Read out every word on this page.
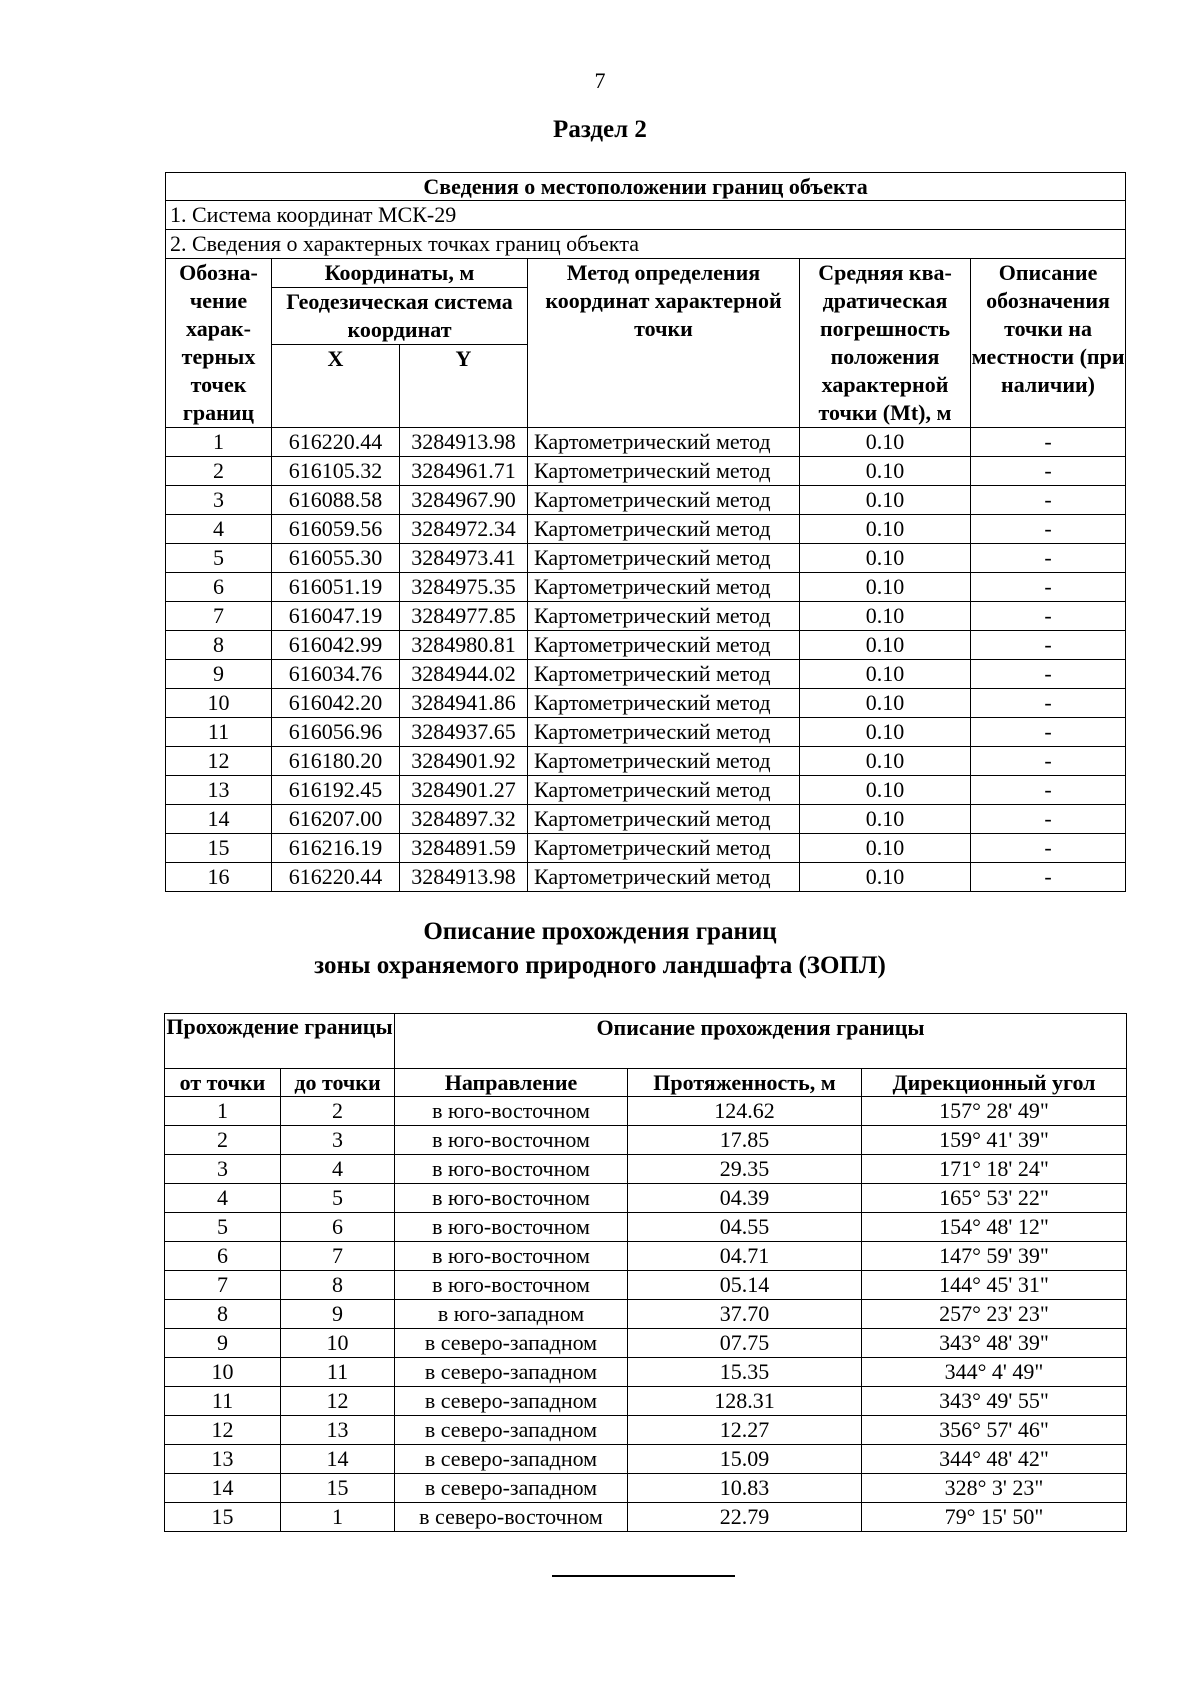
7
Раздел 2
Сведения о местоположении границ объекта					
1. Система координат МСК-29					
2. Сведения о характерных точках границ объекта					
Обозна-чение харак-терных точек границ	Координаты, м		Метод определения координат характерной точки	Средняя ква-дратическая погрешность положения характерной точки (Mt), м	Описание обозначения точки на местности (при наличии)
	Геодезическая система координат				
	X	Y			
1	616220.44	3284913.98	Картометрический метод	0.10	-
2	616105.32	3284961.71	Картометрический метод	0.10	-
3	616088.58	3284967.90	Картометрический метод	0.10	-
4	616059.56	3284972.34	Картометрический метод	0.10	-
5	616055.30	3284973.41	Картометрический метод	0.10	-
6	616051.19	3284975.35	Картометрический метод	0.10	-
7	616047.19	3284977.85	Картометрический метод	0.10	-
8	616042.99	3284980.81	Картометрический метод	0.10	-
9	616034.76	3284944.02	Картометрический метод	0.10	-
10	616042.20	3284941.86	Картометрический метод	0.10	-
11	616056.96	3284937.65	Картометрический метод	0.10	-
12	616180.20	3284901.92	Картометрический метод	0.10	-
13	616192.45	3284901.27	Картометрический метод	0.10	-
14	616207.00	3284897.32	Картометрический метод	0.10	-
15	616216.19	3284891.59	Картометрический метод	0.10	-
16	616220.44	3284913.98	Картометрический метод	0.10	-
Описание прохождения границ
зоны охраняемого природного ландшафта (ЗОПЛ)
Прохождение границы		Описание прохождения границы		
от точки	до точки	Направление	Протяженность, м	Дирекционный угол
1	2	в юго-восточном	124.62	157° 28' 49"
2	3	в юго-восточном	17.85	159° 41' 39"
3	4	в юго-восточном	29.35	171° 18' 24"
4	5	в юго-восточном	04.39	165° 53' 22"
5	6	в юго-восточном	04.55	154° 48' 12"
6	7	в юго-восточном	04.71	147° 59' 39"
7	8	в юго-восточном	05.14	144° 45' 31"
8	9	в юго-западном	37.70	257° 23' 23"
9	10	в северо-западном	07.75	343° 48' 39"
10	11	в северо-западном	15.35	344° 4' 49"
11	12	в северо-западном	128.31	343° 49' 55"
12	13	в северо-западном	12.27	356° 57' 46"
13	14	в северо-западном	15.09	344° 48' 42"
14	15	в северо-западном	10.83	328° 3' 23"
15	1	в северо-восточном	22.79	79° 15' 50"
